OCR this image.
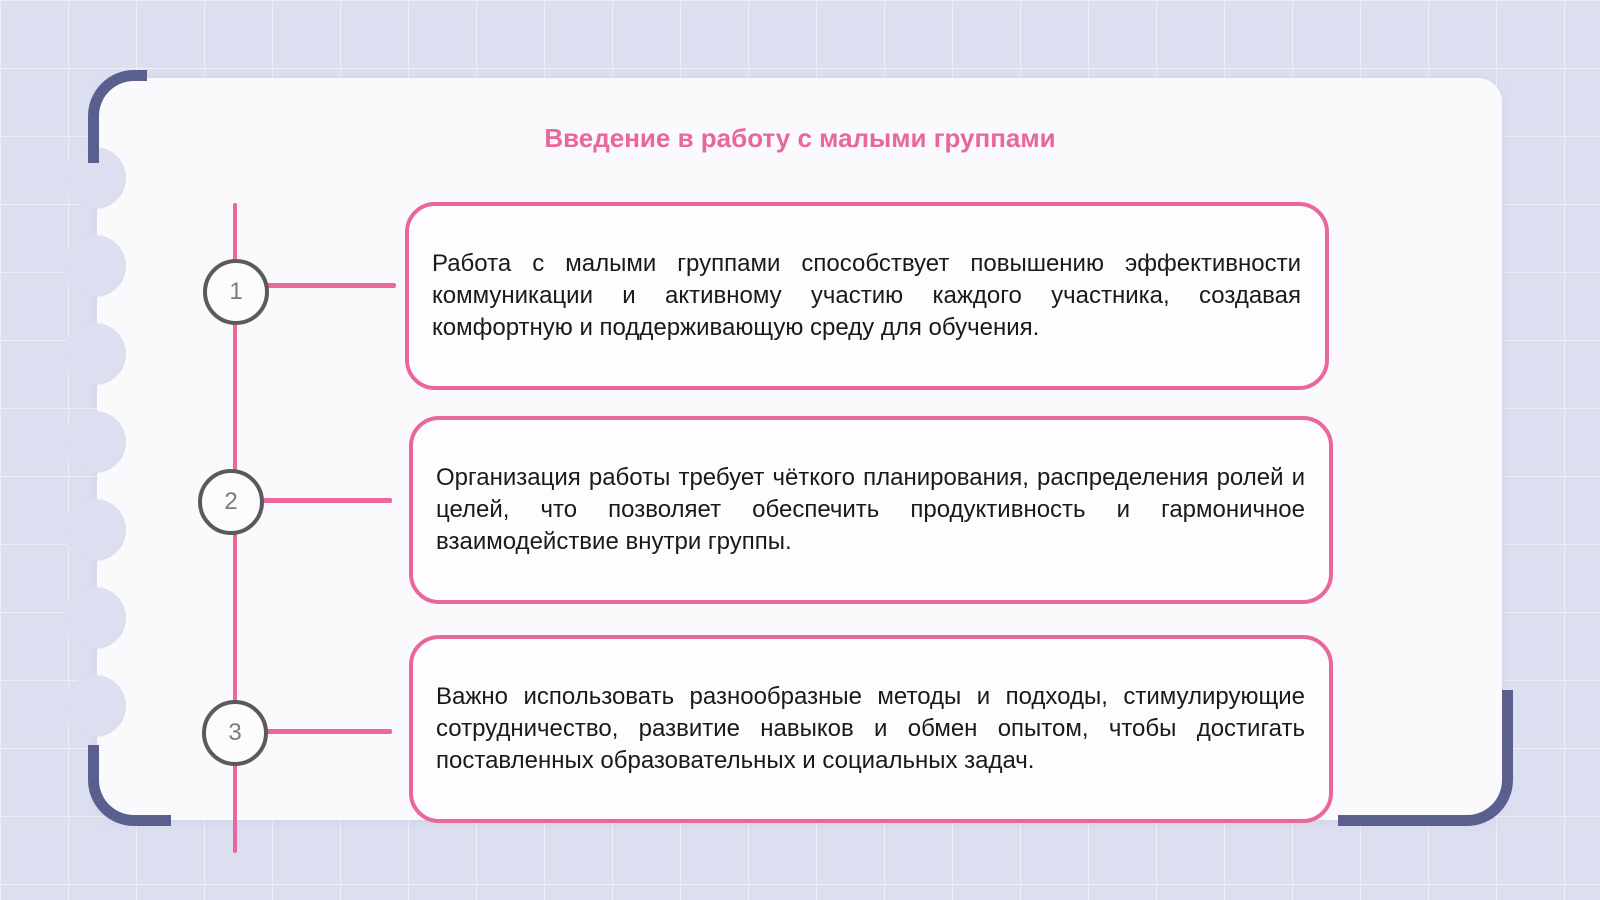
Введение в работу с малыми группами
1
2
3

Работа с малыми группами способствует повышению эффективности коммуникации и активному участию каждого участника, создавая комфортную и поддерживающую среду для обучения.

Организация работы требует чёткого планирования, распределения ролей и целей, что позволяет обеспечить продуктивность и гармоничное взаимодействие внутри группы.

Важно использовать разнообразные методы и подходы, стимулирующие сотрудничество, развитие навыков и обмен опытом, чтобы достигать поставленных образовательных и социальных задач.
